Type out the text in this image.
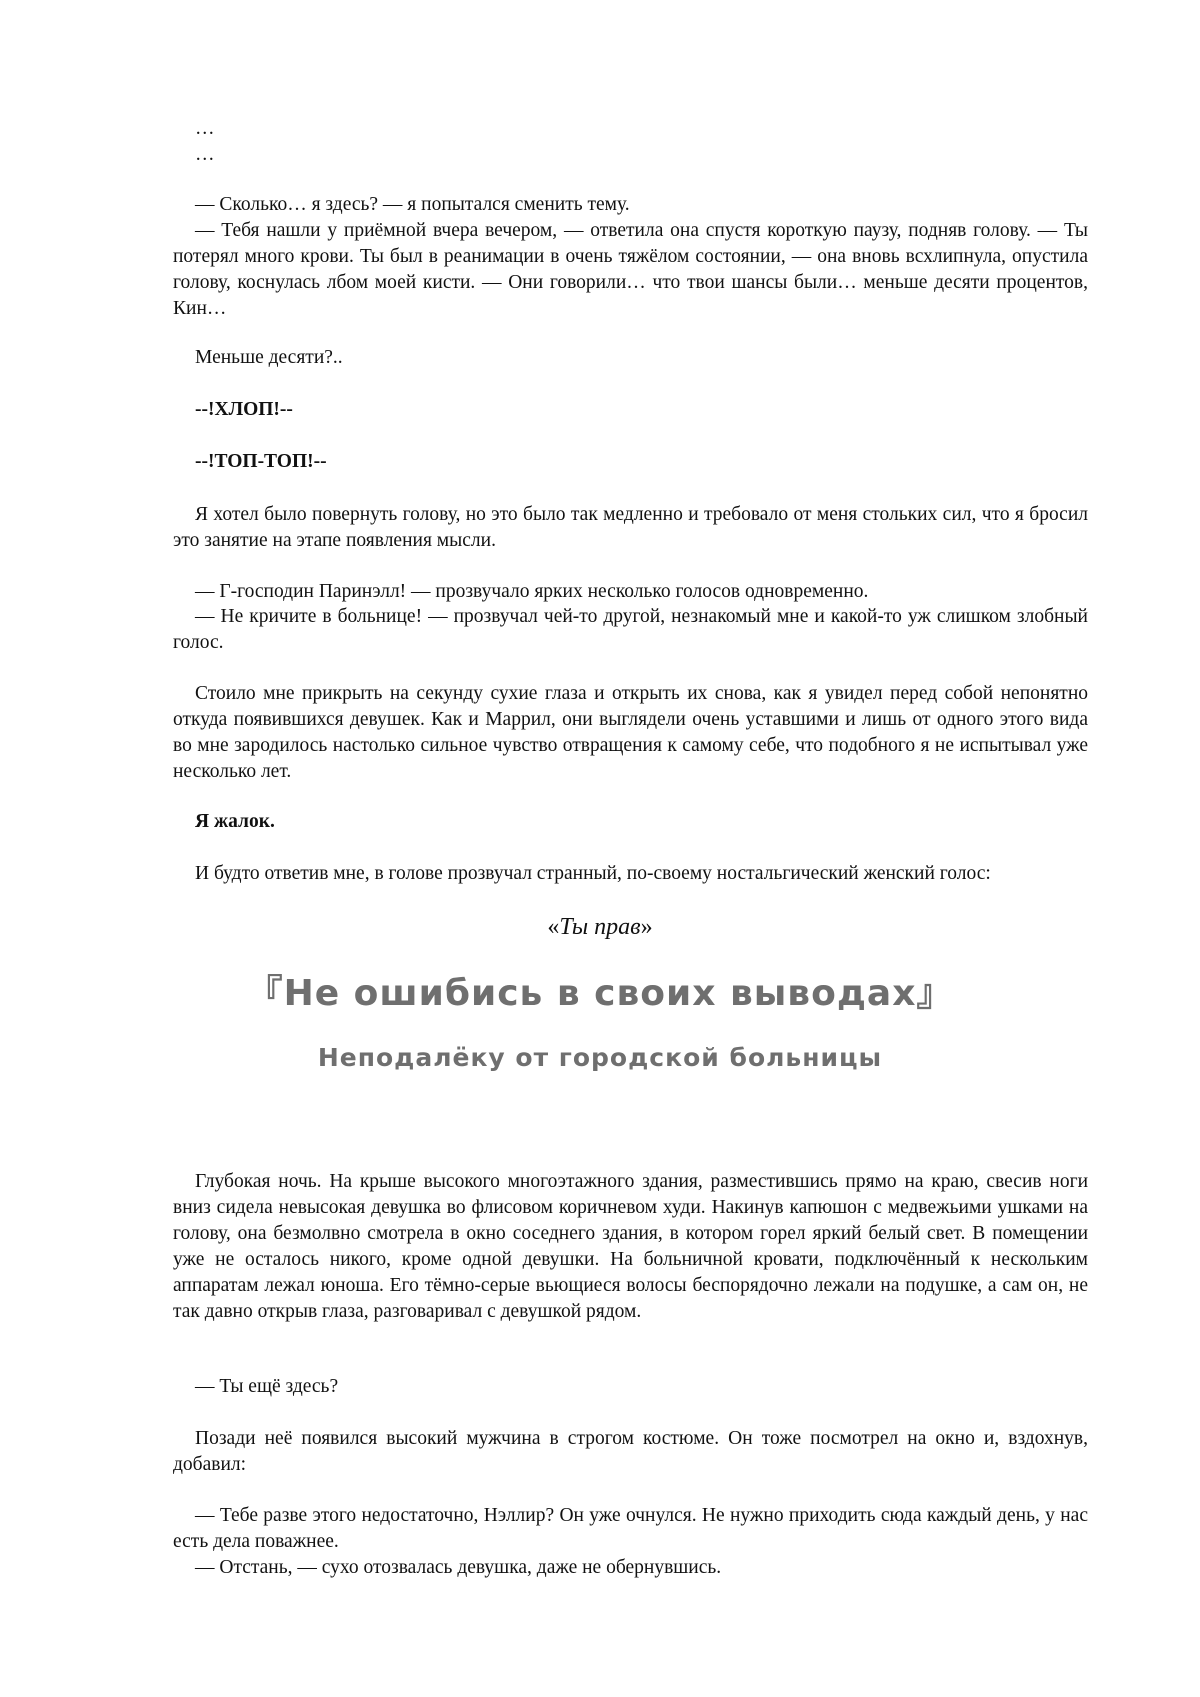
…
…
— Сколько… я здесь? — я попытался сменить тему.
— Тебя нашли у приёмной вчера вечером, — ответила она спустя короткую паузу, подняв голову. — Ты потерял много крови. Ты был в реанимации в очень тяжёлом состоянии, — она вновь всхлипнула, опустила голову, коснулась лбом моей кисти. — Они говорили… что твои шансы были… меньше десяти процентов, Кин…
Меньше десяти?..
--!ХЛОП!--
--!ТОП-ТОП!--
Я хотел было повернуть голову, но это было так медленно и требовало от меня стольких сил, что я бросил это занятие на этапе появления мысли.
— Г-господин Паринэлл! — прозвучало ярких несколько голосов одновременно.
— Не кричите в больнице! — прозвучал чей-то другой, незнакомый мне и какой-то уж слишком злобный голос.
Стоило мне прикрыть на секунду сухие глаза и открыть их снова, как я увидел перед собой непонятно откуда появившихся девушек. Как и Маррил, они выглядели очень уставшими и лишь от одного этого вида во мне зародилось настолько сильное чувство отвращения к самому себе, что подобного я не испытывал уже несколько лет.
Я жалок.
И будто ответив мне, в голове прозвучал странный, по-своему ностальгический женский голос:
«Ты прав»
『Не ошибись в своих выводах』
Неподалёку от городской больницы
Глубокая ночь. На крыше высокого многоэтажного здания, разместившись прямо на краю, свесив ноги вниз сидела невысокая девушка во флисовом коричневом худи. Накинув капюшон с медвежьими ушками на голову, она безмолвно смотрела в окно соседнего здания, в котором горел яркий белый свет. В помещении уже не осталось никого, кроме одной девушки. На больничной кровати, подключённый к нескольким аппаратам лежал юноша. Его тёмно-серые вьющиеся волосы беспорядочно лежали на подушке, а сам он, не так давно открыв глаза, разговаривал с девушкой рядом.
— Ты ещё здесь?
Позади неё появился высокий мужчина в строгом костюме. Он тоже посмотрел на окно и, вздохнув, добавил:
— Тебе разве этого недостаточно, Нэллир? Он уже очнулся. Не нужно приходить сюда каждый день, у нас есть дела поважнее.
— Отстань, — сухо отозвалась девушка, даже не обернувшись.
